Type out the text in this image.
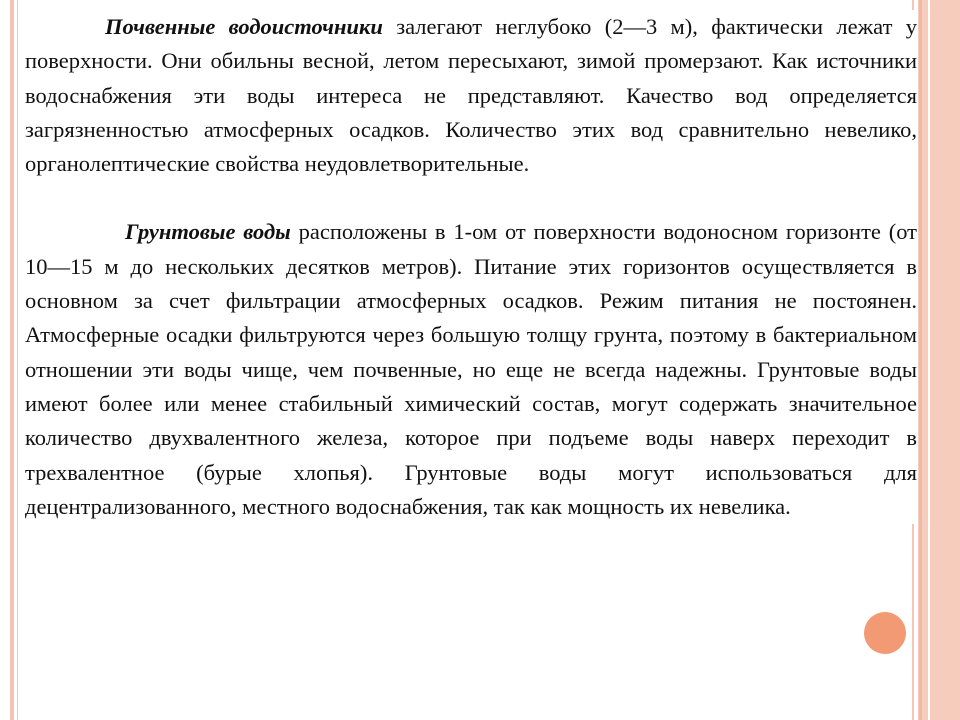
Почвенные водоисточники залегают неглубоко (2—3 м), фактически лежат у поверхности. Они обильны весной, летом пересыхают, зимой промерзают. Как источники водоснабжения эти воды интереса не представляют. Качество вод определяется загрязненностью атмосферных осадков. Количество этих вод сравнительно невелико, органолептические свойства неудовлетворительные.

Грунтовые воды расположены в 1-ом от поверхности водоносном горизонте (от 10—15 м до нескольких десятков метров). Питание этих горизонтов осуществляется в основном за счет фильтрации атмосферных осадков. Режим питания не постоянен. Атмосферные осадки фильтруются через большую толщу грунта, поэтому в бактериальном отношении эти воды чище, чем почвенные, но еще не всегда надежны. Грунтовые воды имеют более или менее стабильный химический состав, могут содержать значительное количество двухвалентного железа, которое при подъеме воды наверх переходит в трехвалентное (бурые хлопья). Грунтовые воды могут использоваться для децентрализованного, местного водоснабжения, так как мощность их невелика.
